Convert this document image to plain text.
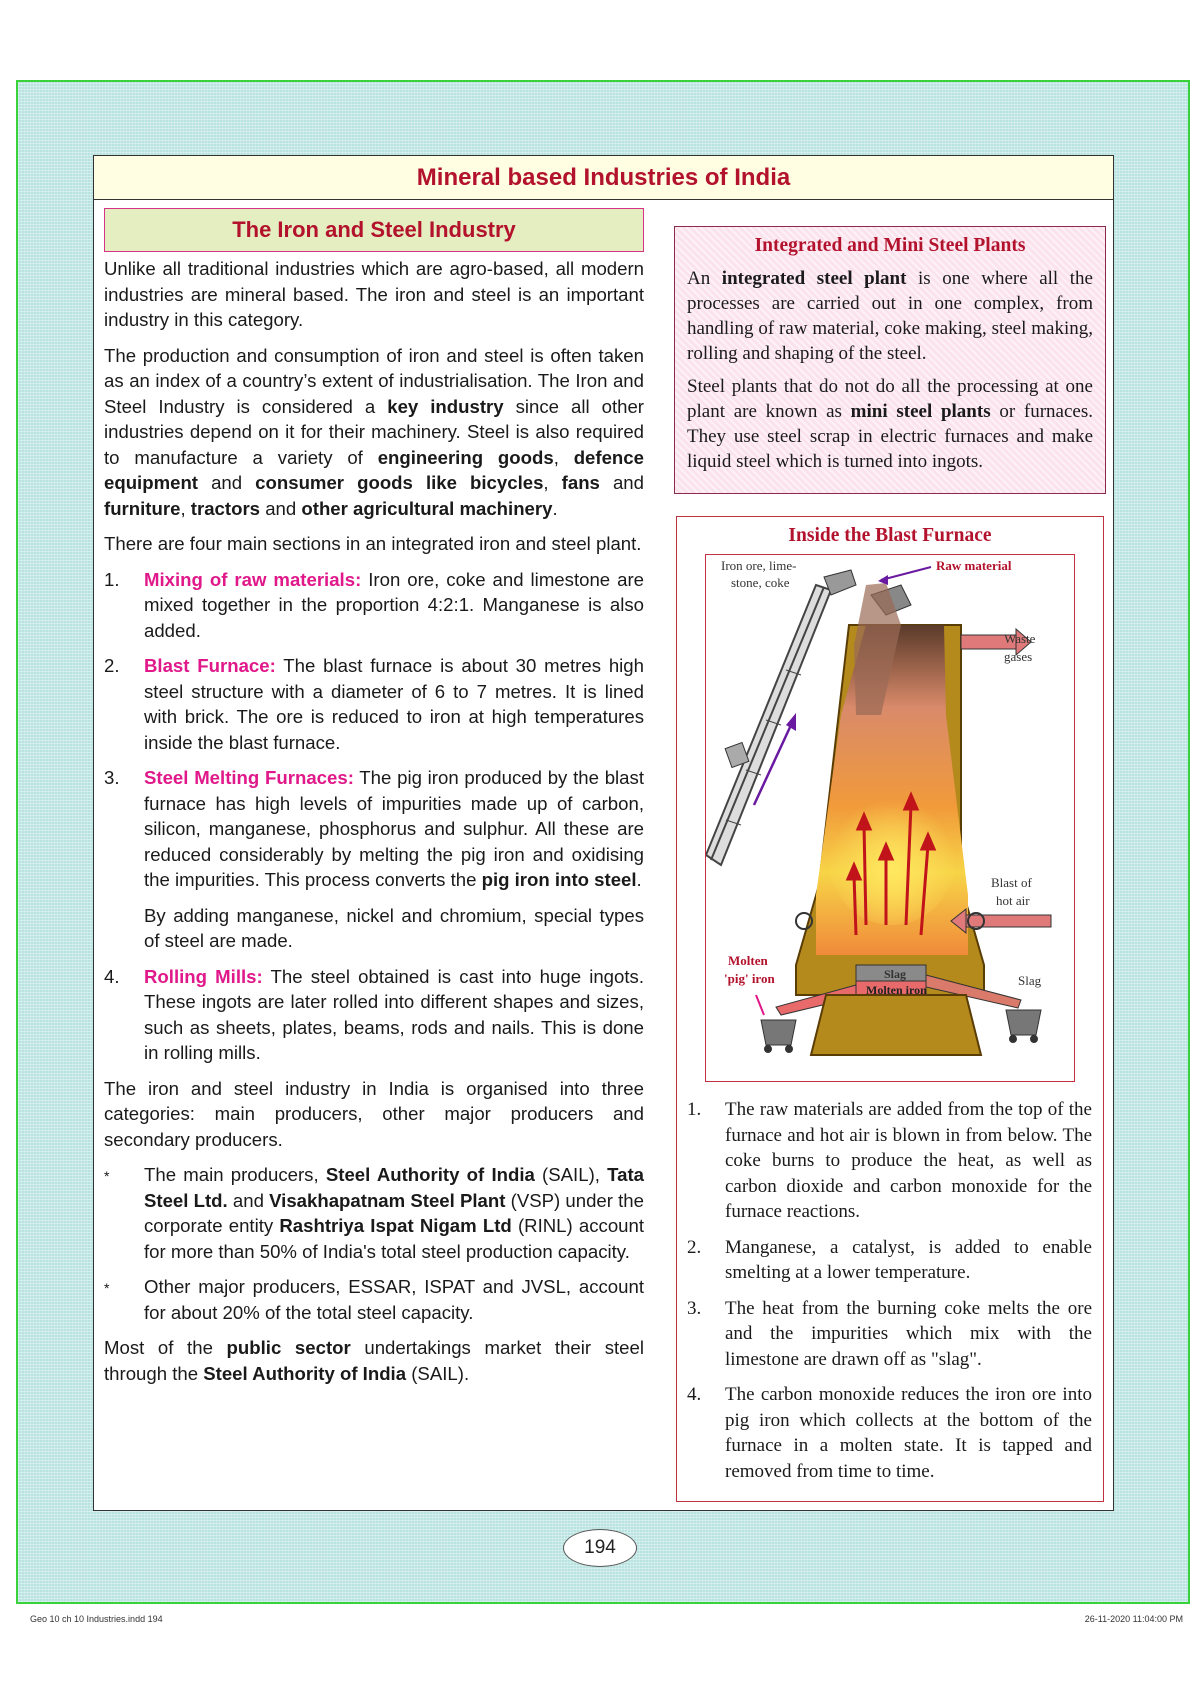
Mineral based Industries of India
The Iron and Steel Industry

Unlike all traditional industries which are agro-based, all modern industries are mineral based. The iron and steel is an important industry in this category.

The production and consumption of iron and steel is often taken as an index of a country’s extent of industrialisation. The Iron and Steel Industry is considered a key industry since all other industries depend on it for their machinery. Steel is also required to manufacture a variety of engineering goods, defence equipment and consumer goods like bicycles, fans and furniture, tractors and other agricultural machinery.

There are four main sections in an integrated iron and steel plant.

1.	Mixing of raw materials: Iron ore, coke and limestone are mixed together in the proportion 4:2:1. Manganese is also added.
2.	Blast Furnace: The blast furnace is about 30 metres high steel structure with a diameter of 6 to 7 metres. It is lined with brick. The ore is reduced to iron at high temperatures inside the blast furnace.
3.	Steel Melting Furnaces: The pig iron produced by the blast furnace has high levels of impurities made up of carbon, silicon, manganese, phosphorus and sulphur. All these are reduced considerably by melting the pig iron and oxidising the impurities. This process converts the pig iron into steel.

By adding manganese, nickel and chromium, special types of steel are made.

4.	Rolling Mills: The steel obtained is cast into huge ingots. These ingots are later rolled into different shapes and sizes, such as sheets, plates, beams, rods and nails. This is done in rolling mills.

The iron and steel industry in India is organised into three categories: main producers, other major producers and secondary producers.

*	The main producers, Steel Authority of India (SAIL), Tata Steel Ltd. and Visakhapatnam Steel Plant (VSP) under the corporate entity Rashtriya Ispat Nigam Ltd (RINL) account for more than 50% of India's total steel production capacity.
*	Other major producers, ESSAR, ISPAT and JVSL, account for about 20% of the total steel capacity.

Most of the public sector undertakings market their steel through the Steel Authority of India (SAIL).

Integrated and Mini Steel Plants

An integrated steel plant is one where all the processes are carried out in one complex, from handling of raw material, coke making, steel making, rolling and shaping of the steel.

Steel plants that do not do all the processing at one plant are known as mini steel plants or furnaces. They use steel scrap in electric furnaces and make liquid steel which is turned into ingots.

Inside the Blast Furnace
Iron ore, lime-
stone, coke
Raw material
Waste
gases
Blast of
hot air
Molten
'pig' iron	Slag
Molten iron
Slag
1.	The raw materials are added from the top of the furnace and hot air is blown in from below. The coke burns to produce the heat, as well as carbon dioxide and carbon monoxide for the furnace reactions.
2.	Manganese, a catalyst, is added to enable smelting at a lower temperature.
3.	The heat from the burning coke melts the ore and the impurities which mix with the limestone are drawn off as "slag".
4.	The carbon monoxide reduces the iron ore into pig iron which collects at the bottom of the furnace in a molten state. It is tapped and removed from time to time.
194
Geo 10 ch 10 Industries.indd 194	26-11-2020 11:04:00 PM
